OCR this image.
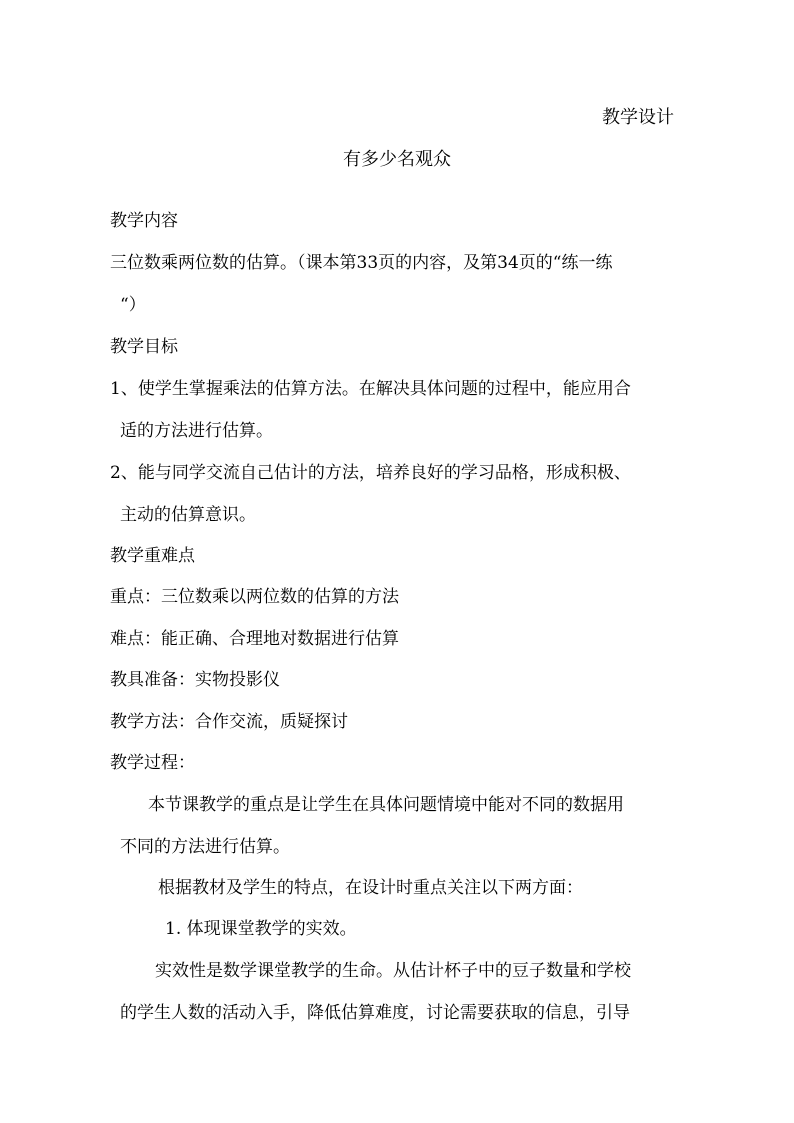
教学设计
有多少名观众
教学内容
三位数乘两位数的估算。（课本第33页的内容，及第34页的“练一练
“）
教学目标
1、使学生掌握乘法的估算方法。在解决具体问题的过程中，能应用合
适的方法进行估算。
2、能与同学交流自己估计的方法，培养良好的学习品格，形成积极、
主动的估算意识。
教学重难点
重点：三位数乘以两位数的估算的方法
难点：能正确、合理地对数据进行估算
教具准备：实物投影仪
教学方法：合作交流，质疑探讨
教学过程：
本节课教学的重点是让学生在具体问题情境中能对不同的数据用
不同的方法进行估算。
根据教材及学生的特点，在设计时重点关注以下两方面：
1. 体现课堂教学的实效。
实效性是数学课堂教学的生命。从估计杯子中的豆子数量和学校
的学生人数的活动入手，降低估算难度，讨论需要获取的信息，引导
